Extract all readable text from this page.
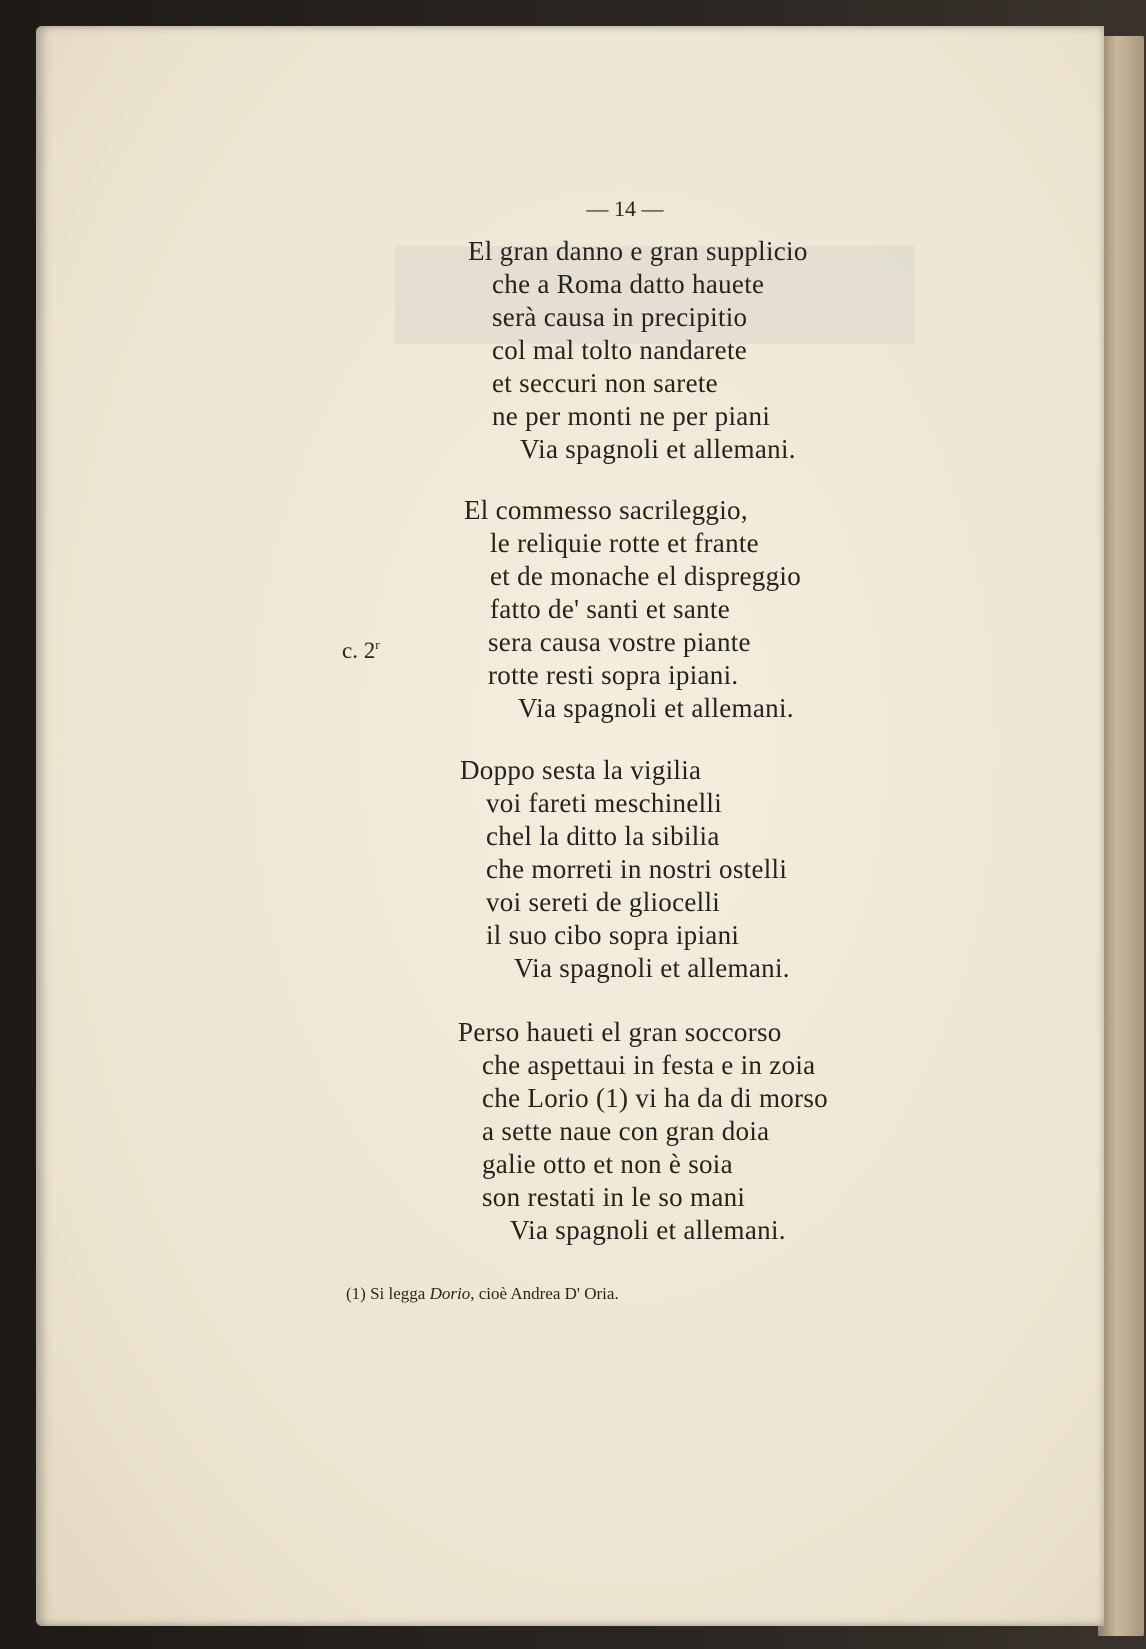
— 14 —
El gran danno e gran supplicio
che a Roma datto hauete
serà causa in precipitio
col mal tolto nandarete
et seccuri non sarete
ne per monti ne per piani
Via spagnoli et allemani.
El commesso sacrileggio,
le reliquie rotte et frante
et de monache el dispreggio
fatto de' santi et sante
sera causa vostre piante
rotte resti sopra ipiani.
Via spagnoli et allemani.
c. 2$^r$
Doppo sesta la vigilia
voi fareti meschinelli
chel la ditto la sibilia
che morreti in nostri ostelli
voi sereti de gliocelli
il suo cibo sopra ipiani
Via spagnoli et allemani.
Perso haueti el gran soccorso
che aspettaui in festa e in zoia
che Lorio (1) vi ha da di morso
a sette naue con gran doia
galie otto et non è soia
son restati in le so mani
Via spagnoli et allemani.
(1) Si legga Dorio, cioè Andrea D' Oria.
